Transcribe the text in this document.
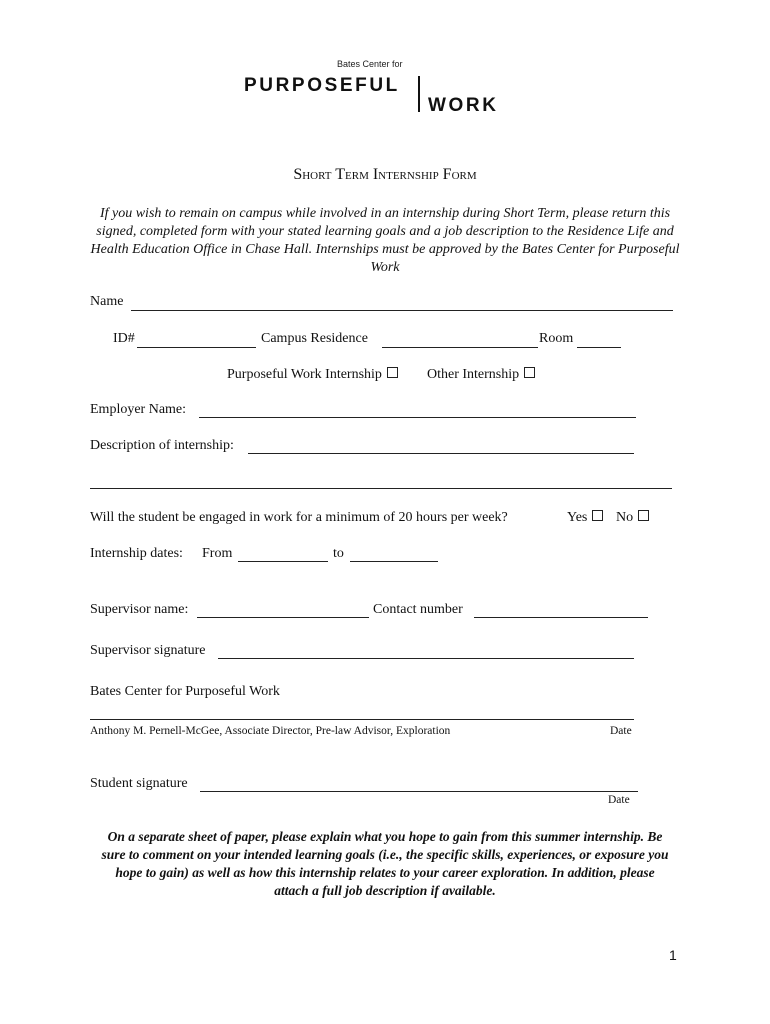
Bates Center for
PURPOSEFUL
WORK
Short Term Internship Form
If you wish to remain on campus while involved in an internship during Short Term, please return this signed, completed form with your stated learning goals and a job description to the Residence Life and Health Education Office in Chase Hall. Internships must be approved by the Bates Center for Purposeful Work
Name
ID#	Campus Residence	Room
Purposeful Work Internship	Other Internship
Employer Name:
Description of internship:
Will the student be engaged in work for a minimum of 20 hours per week?	Yes	No
Internship dates: From	to
Supervisor name:	Contact number
Supervisor signature
Bates Center for Purposeful Work
Anthony M. Pernell-McGee, Associate Director, Pre-law Advisor, Exploration	Date
Student signature
Date
On a separate sheet of paper, please explain what you hope to gain from this summer internship. Be sure to comment on your intended learning goals (i.e., the specific skills, experiences, or exposure you hope to gain) as well as how this internship relates to your career exploration. In addition, please attach a full job description if available.
1
